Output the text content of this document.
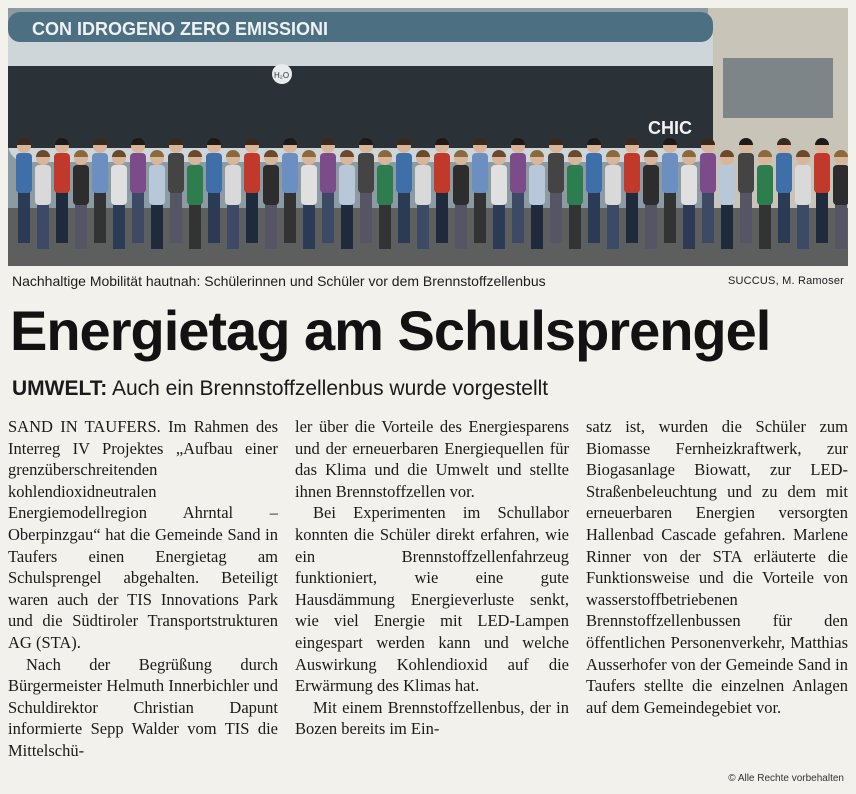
CON IDROGENO ZERO EMISSIONI
H₂O
CHIC
Nachhaltige Mobilität hautnah: Schülerinnen und Schüler vor dem Brennstoffzellenbus	SUCCUS, M. Ramoser
Energietag am Schulsprengel
UMWELT: Auch ein Brennstoffzellenbus wurde vorgestellt

SAND IN TAUFERS. Im Rahmen des Interreg IV Projektes „Aufbau einer grenzüberschreitenden kohlendioxidneutralen Energiemodellregion Ahrntal – Oberpinzgau“ hat die Gemeinde Sand in Taufers einen Energietag am Schulsprengel abgehalten. Beteiligt waren auch der TIS Innovations Park und die Südtiroler Transportstrukturen AG (STA).

Nach der Begrüßung durch Bürgermeister Helmuth Innerbichler und Schuldirektor Christian Dapunt informierte Sepp Walder vom TIS die Mittelschü-

ler über die Vorteile des Energiesparens und der erneuerbaren Energiequellen für das Klima und die Umwelt und stellte ihnen Brennstoffzellen vor.

Bei Experimenten im Schullabor konnten die Schüler direkt erfahren, wie ein Brennstoffzellenfahrzeug funktioniert, wie eine gute Hausdämmung Energieverluste senkt, wie viel Energie mit LED-Lampen eingespart werden kann und welche Auswirkung Kohlendioxid auf die Erwärmung des Klimas hat.

Mit einem Brennstoffzellenbus, der in Bozen bereits im Ein-

satz ist, wurden die Schüler zum Biomasse Fernheizkraftwerk, zur Biogasanlage Biowatt, zur LED-Straßenbeleuchtung und zu dem mit erneuerbaren Energien versorgten Hallenbad Cascade gefahren. Marlene Rinner von der STA erläuterte die Funktionsweise und die Vorteile von wasserstoffbetriebenen Brennstoffzellenbussen für den öffentlichen Personenverkehr, Matthias Ausserhofer von der Gemeinde Sand in Taufers stellte die einzelnen Anlagen auf dem Gemeindegebiet vor.

© Alle Rechte vorbehalten
